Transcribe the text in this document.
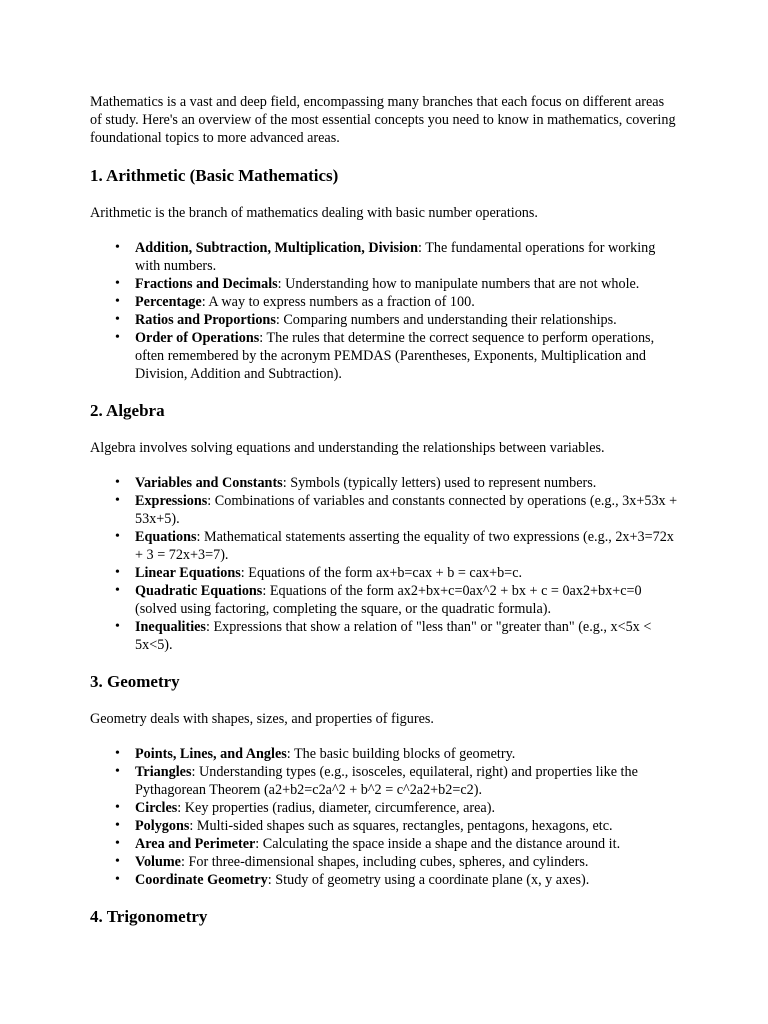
Mathematics is a vast and deep field, encompassing many branches that each focus on different areas of study. Here's an overview of the most essential concepts you need to know in mathematics, covering foundational topics to more advanced areas.

1. Arithmetic (Basic Mathematics)

Arithmetic is the branch of mathematics dealing with basic number operations.

• Addition, Subtraction, Multiplication, Division: The fundamental operations for working with numbers.
• Fractions and Decimals: Understanding how to manipulate numbers that are not whole.
• Percentage: A way to express numbers as a fraction of 100.
• Ratios and Proportions: Comparing numbers and understanding their relationships.
• Order of Operations: The rules that determine the correct sequence to perform operations, often remembered by the acronym PEMDAS (Parentheses, Exponents, Multiplication and Division, Addition and Subtraction).
2. Algebra

Algebra involves solving equations and understanding the relationships between variables.

• Variables and Constants: Symbols (typically letters) used to represent numbers.
• Expressions: Combinations of variables and constants connected by operations (e.g., 3x+53x + 53x+5).
• Equations: Mathematical statements asserting the equality of two expressions (e.g., 2x+3=72x + 3 = 72x+3=7).
• Linear Equations: Equations of the form ax+b=cax + b = cax+b=c.
• Quadratic Equations: Equations of the form ax2+bx+c=0ax^2 + bx + c = 0ax2+bx+c=0 (solved using factoring, completing the square, or the quadratic formula).
• Inequalities: Expressions that show a relation of "less than" or "greater than" (e.g., x<5x < 5x<5).
3. Geometry

Geometry deals with shapes, sizes, and properties of figures.

• Points, Lines, and Angles: The basic building blocks of geometry.
• Triangles: Understanding types (e.g., isosceles, equilateral, right) and properties like the Pythagorean Theorem (a2+b2=c2a^2 + b^2 = c^2a2+b2=c2).
• Circles: Key properties (radius, diameter, circumference, area).
• Polygons: Multi-sided shapes such as squares, rectangles, pentagons, hexagons, etc.
• Area and Perimeter: Calculating the space inside a shape and the distance around it.
• Volume: For three-dimensional shapes, including cubes, spheres, and cylinders.
• Coordinate Geometry: Study of geometry using a coordinate plane (x, y axes).
4. Trigonometry
